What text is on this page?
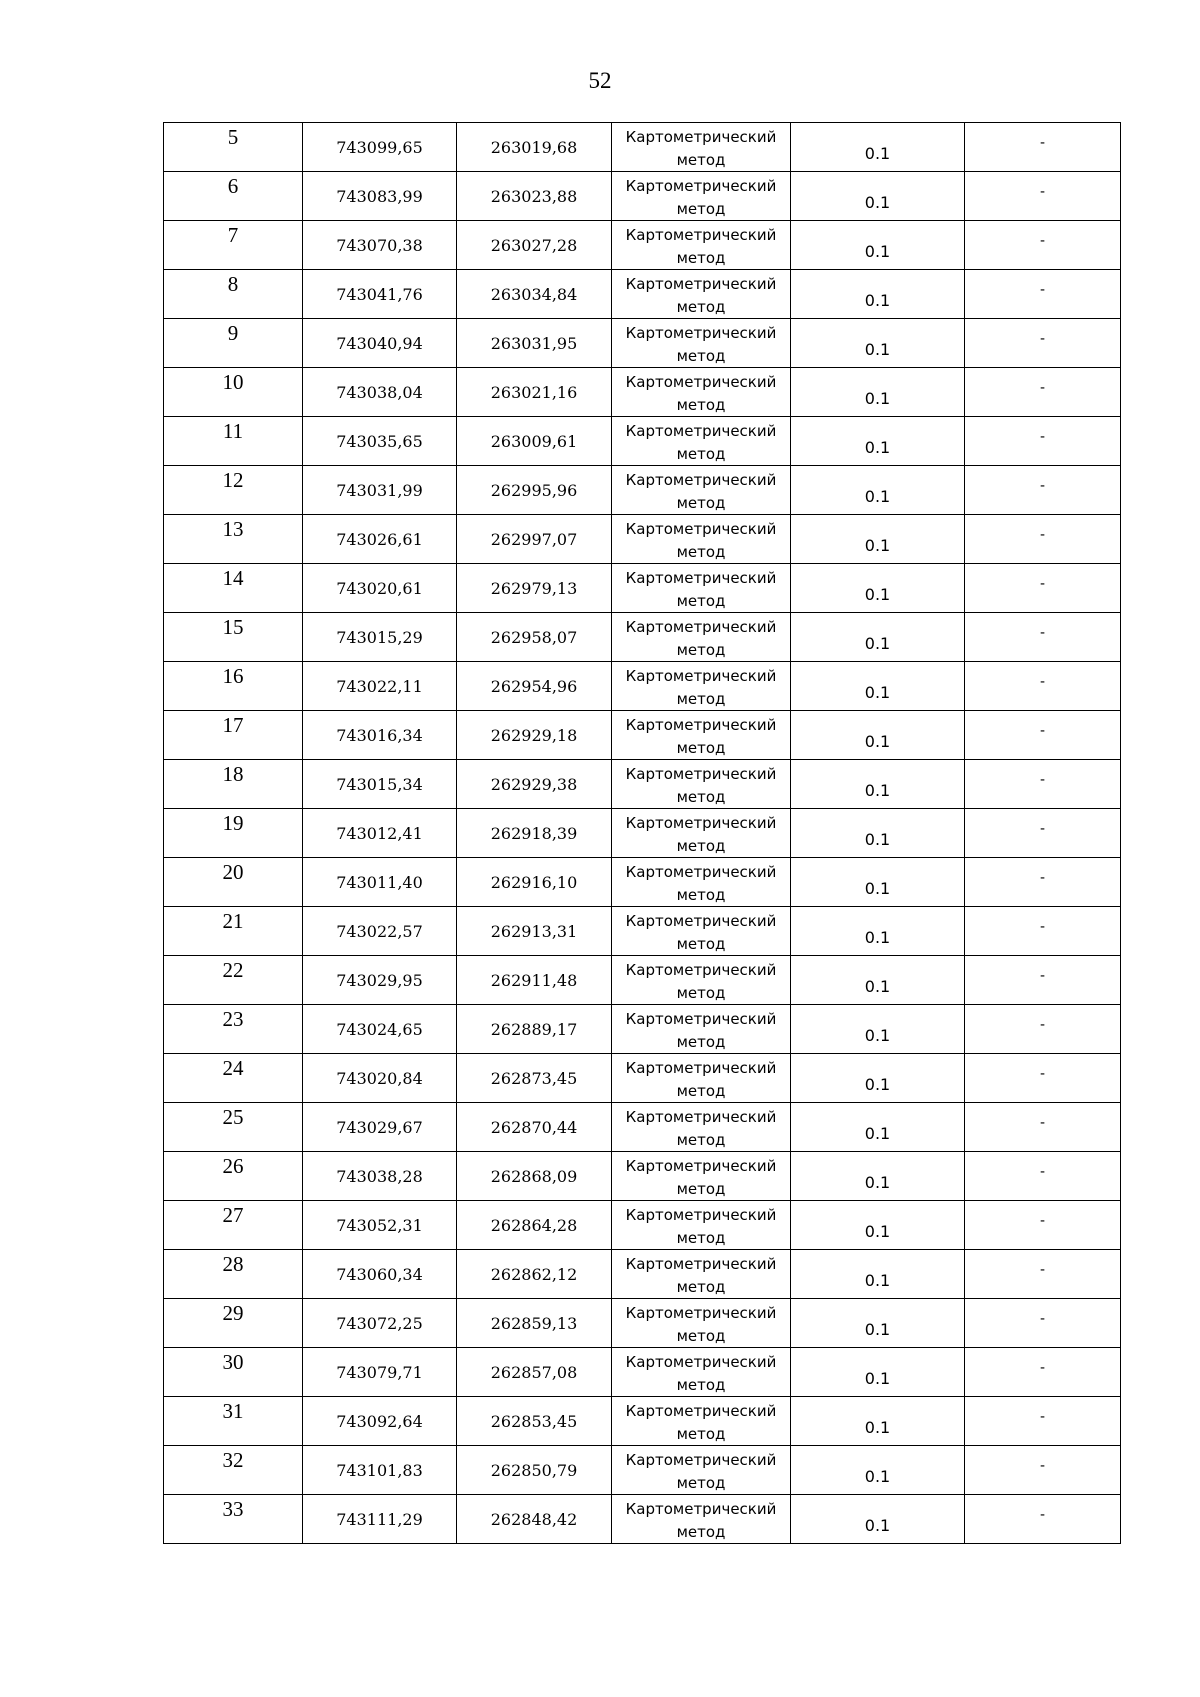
52
5	743099,65	263019,68	Картометрический
метод	0.1	-

6	743083,99	263023,88	Картометрический
метод	0.1	-

7	743070,38	263027,28	Картометрический
метод	0.1	-

8	743041,76	263034,84	Картометрический
метод	0.1	-

9	743040,94	263031,95	Картометрический
метод	0.1	-

10	743038,04	263021,16	Картометрический
метод	0.1	-

11	743035,65	263009,61	Картометрический
метод	0.1	-

12	743031,99	262995,96	Картометрический
метод	0.1	-

13	743026,61	262997,07	Картометрический
метод	0.1	-

14	743020,61	262979,13	Картометрический
метод	0.1	-

15	743015,29	262958,07	Картометрический
метод	0.1	-

16	743022,11	262954,96	Картометрический
метод	0.1	-

17	743016,34	262929,18	Картометрический
метод	0.1	-

18	743015,34	262929,38	Картометрический
метод	0.1	-

19	743012,41	262918,39	Картометрический
метод	0.1	-

20	743011,40	262916,10	Картометрический
метод	0.1	-

21	743022,57	262913,31	Картометрический
метод	0.1	-

22	743029,95	262911,48	Картометрический
метод	0.1	-

23	743024,65	262889,17	Картометрический
метод	0.1	-

24	743020,84	262873,45	Картометрический
метод	0.1	-

25	743029,67	262870,44	Картометрический
метод	0.1	-

26	743038,28	262868,09	Картометрический
метод	0.1	-

27	743052,31	262864,28	Картометрический
метод	0.1	-

28	743060,34	262862,12	Картометрический
метод	0.1	-

29	743072,25	262859,13	Картометрический
метод	0.1	-

30	743079,71	262857,08	Картометрический
метод	0.1	-

31	743092,64	262853,45	Картометрический
метод	0.1	-

32	743101,83	262850,79	Картометрический
метод	0.1	-

33	743111,29	262848,42	Картометрический
метод	0.1	-
